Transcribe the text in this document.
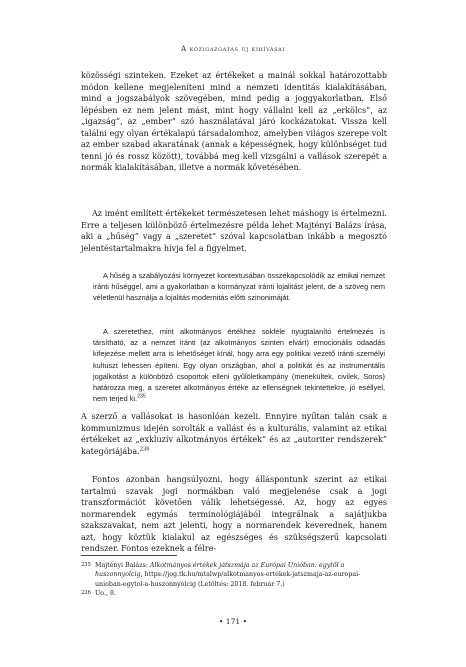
A közigazgatás új kihívásai

közösségi szinteken. Ezeket az értékeket a mainál sokkal határozottabb módon kellene megjeleníteni mind a nemzeti identitás kialakításában, mind a jogszabályok szövegében, mind pedig a joggyakorlatban. Első lépésben ez nem jelent mást, mint hogy vállalni kell az „erkölcs”, az „igazság”, az „ember” szó használatával járó kockázatokat. Vissza kell találni egy olyan értékalapú társadalomhoz, amelyben világos szerepe volt az ember szabad akaratának (annak a képességnek, hogy különbséget tud tenni jó és rossz között), továbbá meg kell vizsgálni a vallások szerepét a normák kialakításában, illetve a normák követésében.

Az imént említett értékeket természetesen lehet máshogy is értelmezni. Erre a teljesen különböző értelmezésre példa lehet Majtényi Balázs írása, aki a „hűség” vagy a „szeretet” szóval kapcsolatban inkább a megosztó jelentéstartalmakra hívja fel a figyelmet.

A hűség a szabályozási környezet kontextusában összekapcsolódik az etnikai nemzet iránti hűséggel, ami a gyakorlatban a kormányzat iránti lojalitást jelent, de a szöveg nem véletlenül használja a lojalitás modernitás előtti szinonimáját.

A szeretethez, mint alkotmányos értékhez sokféle nyugtalanító értelmezés is társítható, az a nemzet iránti (az alkotmányos szinten elvárt) emocionális odaadás kifejezése mellett arra is lehetőséget kínál, hogy arra egy politikai vezető iránti személyi kultuszt lehessen építeni. Egy olyan országban, ahol a politikát és az instrumentális jogalkotást a különböző csoportok elleni gyűlöletkampány (menekültek, civilek, Soros) határozza meg, a szeretet alkotmányos értéke az ellenségnek tekintettekre, jó eséllyel, nem terjed ki.$^{235}$

A szerző a vallásokat is hasonlóan kezeli. Ennyire nyíltan talán csak a kommunizmus idején sorolták a vallást és a kulturális, valamint az etikai értékeket az „exkluzív alkotmányos értékek” és az „autoriter rendszerek” kategóriájába.$^{236}$

Fontos azonban hangsúlyozni, hogy álláspontunk szerint az etikai tartalmú szavak jogi normákban való megjelenése csak a jogi transzformációt követően válik lehetségessé. Az, hogy az egyes normarendek egymás terminológiájából integrálnak a sajátjukba szakszavakat, nem azt jelenti, hogy a normarendek keverednek, hanem azt, hogy köztük kialakul az egészséges és szükségszerű kapcsolati rendszer. Fontos ezeknek a félre-

235 Majtényi Balázs: Alkotmányos értékek játszmája az Európai Unióban: egytől a huszonnyolcig, https://jog.tk.hu/mtalwp/alkotmanyos-ertekek-jatszmaja-az-europai-unioban-egytol-a-huszonnyolcig (Letöltés: 2018. február 7.)
236 Uo., 8.
• 171 •
